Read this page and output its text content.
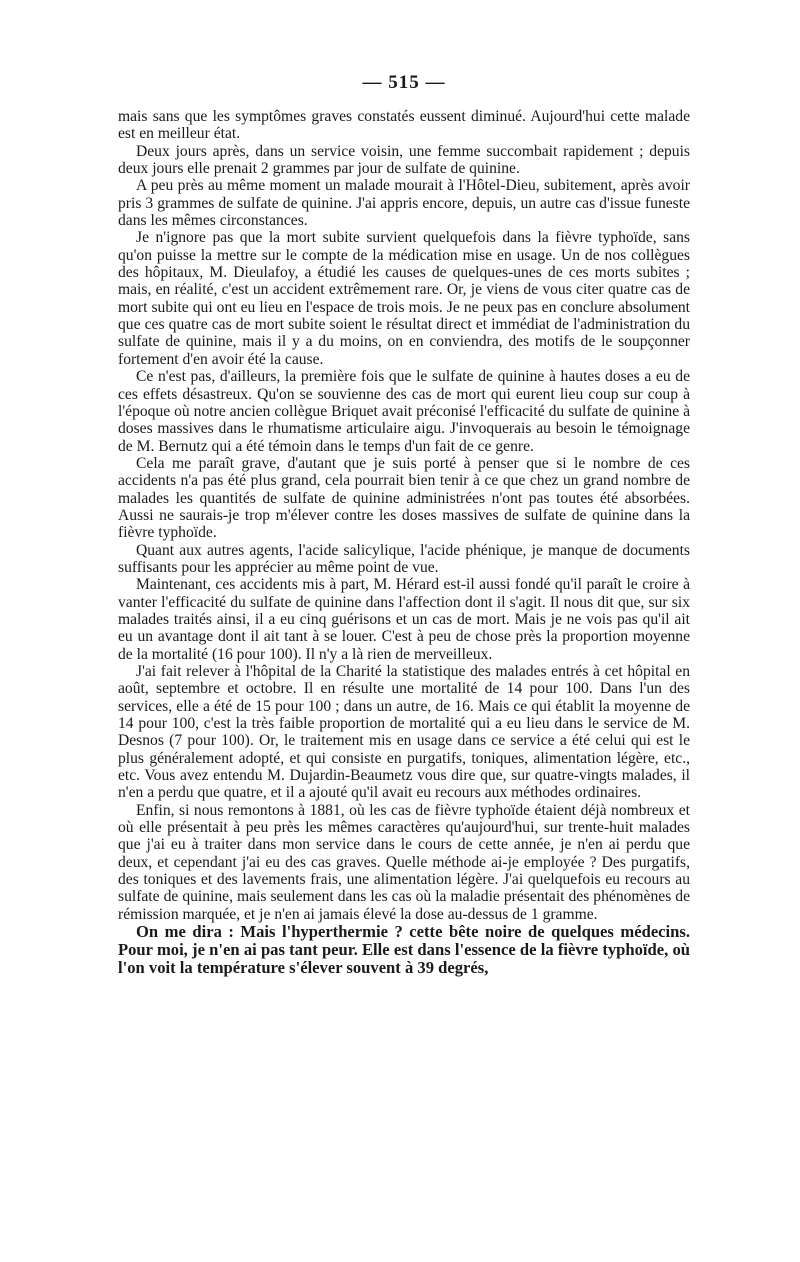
— 515 —

mais sans que les symptômes graves constatés eussent diminué. Aujourd'hui cette malade est en meilleur état.

Deux jours après, dans un service voisin, une femme succombait rapidement ; depuis deux jours elle prenait 2 grammes par jour de sulfate de quinine.

A peu près au même moment un malade mourait à l'Hôtel-Dieu, subitement, après avoir pris 3 grammes de sulfate de quinine. J'ai appris encore, depuis, un autre cas d'issue funeste dans les mêmes circonstances.

Je n'ignore pas que la mort subite survient quelquefois dans la fièvre typhoïde, sans qu'on puisse la mettre sur le compte de la médication mise en usage. Un de nos collègues des hôpitaux, M. Dieulafoy, a étudié les causes de quelques-unes de ces morts subites ; mais, en réalité, c'est un accident extrêmement rare. Or, je viens de vous citer quatre cas de mort subite qui ont eu lieu en l'espace de trois mois. Je ne peux pas en conclure absolument que ces quatre cas de mort subite soient le résultat direct et immédiat de l'administration du sulfate de quinine, mais il y a du moins, on en conviendra, des motifs de le soupçonner fortement d'en avoir été la cause.

Ce n'est pas, d'ailleurs, la première fois que le sulfate de quinine à hautes doses a eu de ces effets désastreux. Qu'on se souvienne des cas de mort qui eurent lieu coup sur coup à l'époque où notre ancien collègue Briquet avait préconisé l'efficacité du sulfate de quinine à doses massives dans le rhumatisme articulaire aigu. J'invoquerais au besoin le témoignage de M. Bernutz qui a été témoin dans le temps d'un fait de ce genre.

Cela me paraît grave, d'autant que je suis porté à penser que si le nombre de ces accidents n'a pas été plus grand, cela pourrait bien tenir à ce que chez un grand nombre de malades les quantités de sulfate de quinine administrées n'ont pas toutes été absorbées. Aussi ne saurais-je trop m'élever contre les doses massives de sulfate de quinine dans la fièvre typhoïde.

Quant aux autres agents, l'acide salicylique, l'acide phénique, je manque de documents suffisants pour les apprécier au même point de vue.

Maintenant, ces accidents mis à part, M. Hérard est-il aussi fondé qu'il paraît le croire à vanter l'efficacité du sulfate de quinine dans l'affection dont il s'agit. Il nous dit que, sur six malades traités ainsi, il a eu cinq guérisons et un cas de mort. Mais je ne vois pas qu'il ait eu un avantage dont il ait tant à se louer. C'est à peu de chose près la proportion moyenne de la mortalité (16 pour 100). Il n'y a là rien de merveilleux.

J'ai fait relever à l'hôpital de la Charité la statistique des malades entrés à cet hôpital en août, septembre et octobre. Il en résulte une mortalité de 14 pour 100. Dans l'un des services, elle a été de 15 pour 100 ; dans un autre, de 16. Mais ce qui établit la moyenne de 14 pour 100, c'est la très faible proportion de mortalité qui a eu lieu dans le service de M. Desnos (7 pour 100). Or, le traitement mis en usage dans ce service a été celui qui est le plus généralement adopté, et qui consiste en purgatifs, toniques, alimentation légère, etc., etc. Vous avez entendu M. Dujardin-Beaumetz vous dire que, sur quatre-vingts malades, il n'en a perdu que quatre, et il a ajouté qu'il avait eu recours aux méthodes ordinaires.

Enfin, si nous remontons à 1881, où les cas de fièvre typhoïde étaient déjà nombreux et où elle présentait à peu près les mêmes caractères qu'aujourd'hui, sur trente-huit malades que j'ai eu à traiter dans mon service dans le cours de cette année, je n'en ai perdu que deux, et cependant j'ai eu des cas graves. Quelle méthode ai-je employée ? Des purgatifs, des toniques et des lavements frais, une alimentation légère. J'ai quelquefois eu recours au sulfate de quinine, mais seulement dans les cas où la maladie présentait des phénomènes de rémission marquée, et je n'en ai jamais élevé la dose au-dessus de 1 gramme.

On me dira : Mais l'hyperthermie ? cette bête noire de quelques médecins. Pour moi, je n'en ai pas tant peur. Elle est dans l'essence de la fièvre typhoïde, où l'on voit la température s'élever souvent à 39 degrés,
